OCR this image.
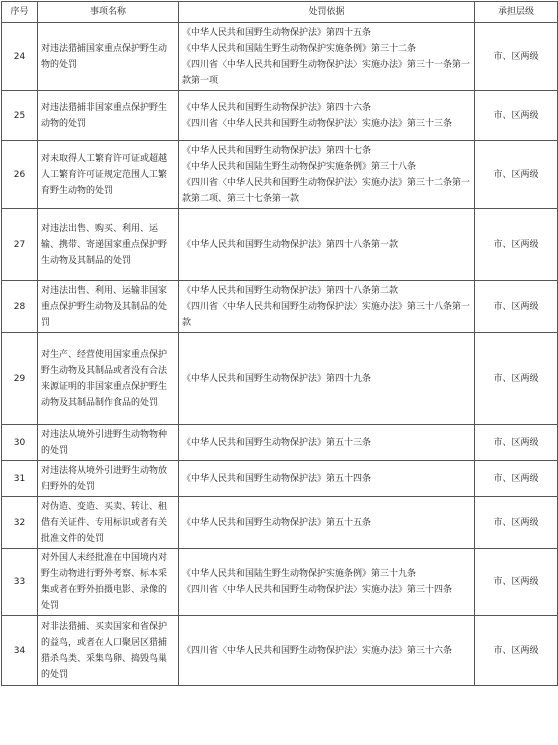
序号	事项名称	处罚依据	承担层级
24	对违法猎捕国家重点保护野生动物的处罚	《中华人民共和国野生动物保护法》第四十五条
《中华人民共和国陆生野生动物保护实施条例》第三十二条
《四川省〈中华人民共和国野生动物保护法〉实施办法》第三十一条第一款第一项	市、区两级
25	对违法猎捕非国家重点保护野生动物的处罚	《中华人民共和国野生动物保护法》第四十六条
《四川省〈中华人民共和国野生动物保护法〉实施办法》第三十三条	市、区两级
26	对未取得人工繁育许可证或超越人工繁育许可证规定范围人工繁育野生动物的处罚	《中华人民共和国野生动物保护法》第四十七条
《中华人民共和国陆生野生动物保护实施条例》第三十八条
《四川省〈中华人民共和国野生动物保护法〉实施办法》第三十二条第一款第二项、第三十七条第一款	市、区两级
27	对违法出售、购买、利用、运输、携带、寄递国家重点保护野生动物及其制品的处罚	《中华人民共和国野生动物保护法》第四十八条第一款	市、区两级
28	对违法出售、利用、运输非国家重点保护野生动物及其制品的处罚	《中华人民共和国野生动物保护法》第四十八条第二款
《四川省〈中华人民共和国野生动物保护法〉实施办法》第三十八条第一款	市、区两级
29	对生产、经营使用国家重点保护野生动物及其制品或者没有合法来源证明的非国家重点保护野生动物及其制品制作食品的处罚	《中华人民共和国野生动物保护法》第四十九条	市、区两级
30	对违法从境外引进野生动物物种的处罚	《中华人民共和国野生动物保护法》第五十三条	市、区两级
31	对违法将从境外引进野生动物放归野外的处罚	《中华人民共和国野生动物保护法》第五十四条	市、区两级
32	对伪造、变造、买卖、转让、租借有关证件、专用标识或者有关批准文件的处罚	《中华人民共和国野生动物保护法》第五十五条	市、区两级
33	对外国人未经批准在中国境内对野生动物进行野外考察、标本采集或者在野外拍摄电影、录像的处罚	《中华人民共和国陆生野生动物保护实施条例》第三十九条
《四川省〈中华人民共和国野生动物保护法〉实施办法》第三十四条	市、区两级
34	对非法猎捕、买卖国家和省保护的益鸟，或者在人口聚居区猎捕猎杀鸟类、采集鸟卵、捣毁鸟巢的处罚	《四川省〈中华人民共和国野生动物保护法〉实施办法》第三十六条	市、区两级
